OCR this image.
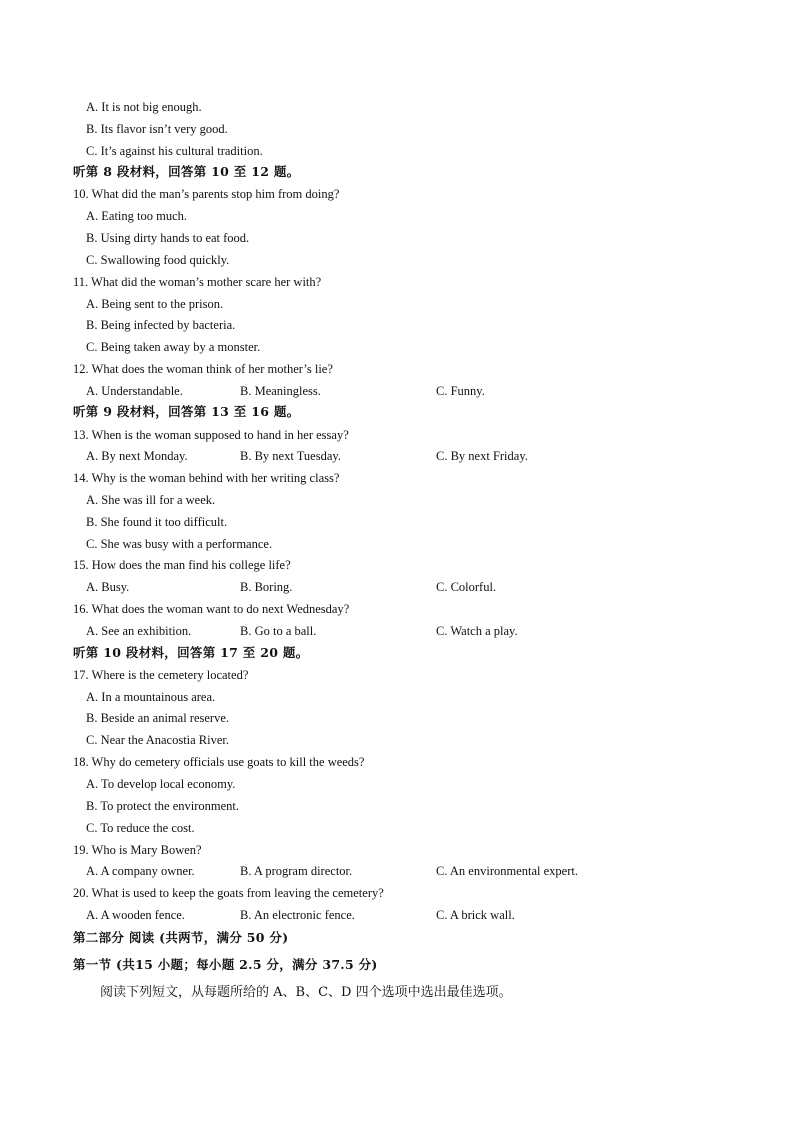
A. It is not big enough.
B. Its flavor isn’t very good.
C. It’s against his cultural tradition.
听第 8 段材料，回答第 10 至 12 题。
10. What did the man’s parents stop him from doing?
A. Eating too much.
B. Using dirty hands to eat food.
C. Swallowing food quickly.
11. What did the woman’s mother scare her with?
A. Being sent to the prison.
B. Being infected by bacteria.
C. Being taken away by a monster.
12. What does the woman think of her mother’s lie?
A. Understandable.	B. Meaningless.	C. Funny.
听第 9 段材料，回答第 13 至 16 题。
13. When is the woman supposed to hand in her essay?
A. By next Monday.	B. By next Tuesday.	C. By next Friday.
14. Why is the woman behind with her writing class?
A. She was ill for a week.
B. She found it too difficult.
C. She was busy with a performance.
15. How does the man find his college life?
A. Busy.	B. Boring.	C. Colorful.
16. What does the woman want to do next Wednesday?
A. See an exhibition.	B. Go to a ball.	C. Watch a play.
听第 10 段材料，回答第 17 至 20 题。
17. Where is the cemetery located?
A. In a mountainous area.
B. Beside an animal reserve.
C. Near the Anacostia River.
18. Why do cemetery officials use goats to kill the weeds?
A. To develop local economy.
B. To protect the environment.
C. To reduce the cost.
19. Who is Mary Bowen?
A. A company owner.	B. A program director.	C. An environmental expert.
20. What is used to keep the goats from leaving the cemetery?
A. A wooden fence.	B. An electronic fence.	C. A brick wall.
第二部分 阅读 (共两节，满分 50 分)
第一节 (共15 小题；每小题 2.5 分，满分 37.5 分)
阅读下列短文，从每题所给的 A、B、C、D 四个选项中选出最佳选项。
